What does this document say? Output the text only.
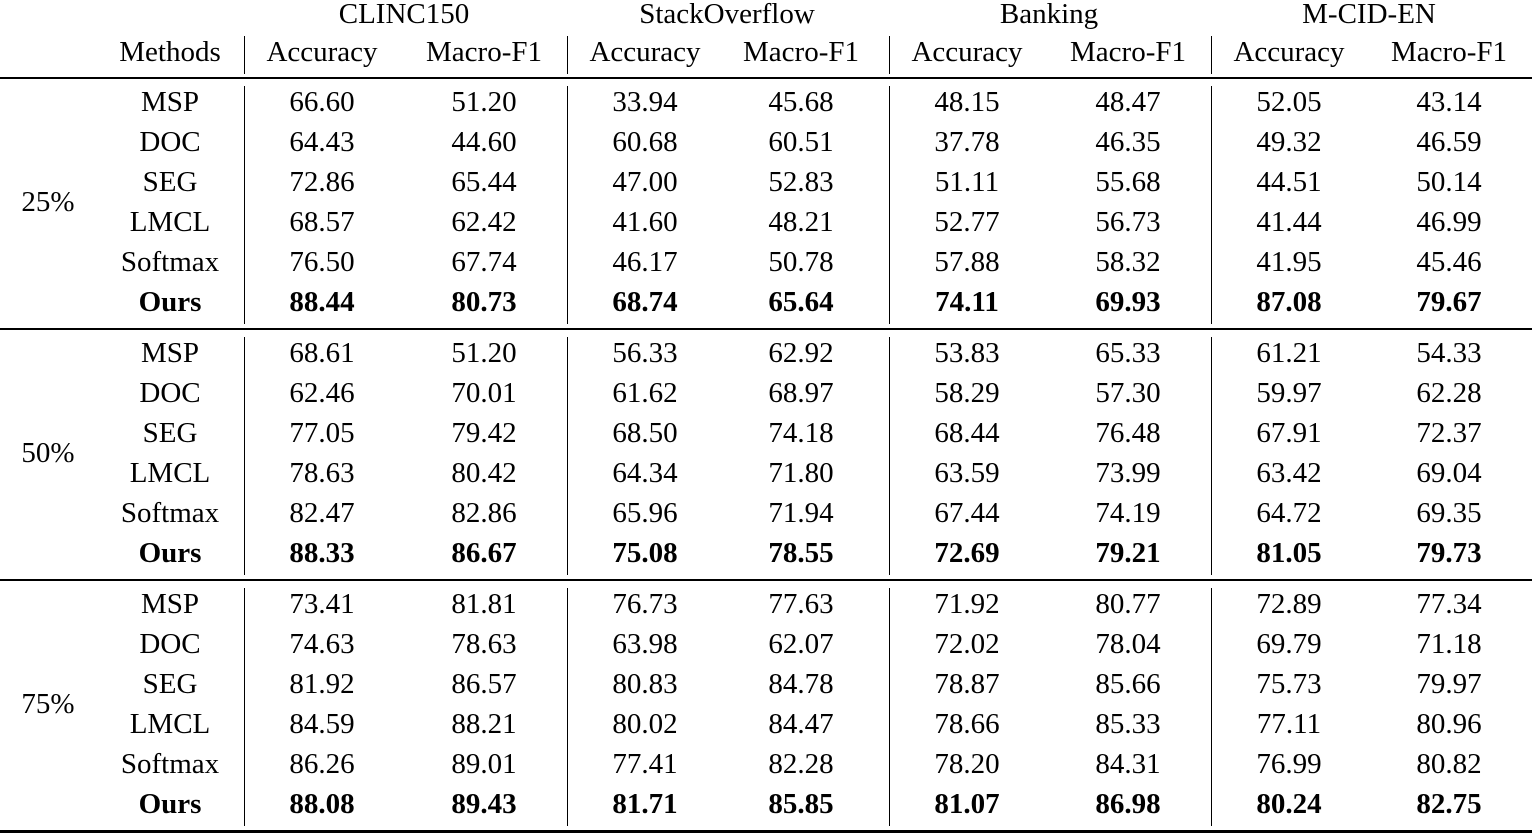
CLINC150	StackOverflow	Banking	M-CID-EN
Methods Accuracy Macro-F1 Accuracy Macro-F1 Accuracy Macro-F1 Accuracy Macro-F1
25%
MSP	66.60	51.20	33.94	45.68	48.15	48.47	52.05	43.14
DOC	64.43	44.60	60.68	60.51	37.78	46.35	49.32	46.59
SEG	72.86	65.44	47.00	52.83	51.11	55.68	44.51	50.14
LMCL	68.57	62.42	41.60	48.21	52.77	56.73	41.44	46.99
Softmax 76.50	67.74	46.17	50.78	57.88	58.32	41.95	45.46
Ours	88.44	80.73	68.74	65.64	74.11	69.93	87.08	79.67
50%
MSP	68.61	51.20	56.33	62.92	53.83	65.33	61.21	54.33
DOC	62.46	70.01	61.62	68.97	58.29	57.30	59.97	62.28
SEG	77.05	79.42	68.50	74.18	68.44	76.48	67.91	72.37
LMCL	78.63	80.42	64.34	71.80	63.59	73.99	63.42	69.04
Softmax 82.47	82.86	65.96	71.94	67.44	74.19	64.72	69.35
Ours	88.33	86.67	75.08	78.55	72.69	79.21	81.05	79.73
75%
MSP	73.41	81.81	76.73	77.63	71.92	80.77	72.89	77.34
DOC	74.63	78.63	63.98	62.07	72.02	78.04	69.79	71.18
SEG	81.92	86.57	80.83	84.78	78.87	85.66	75.73	79.97
LMCL	84.59	88.21	80.02	84.47	78.66	85.33	77.11	80.96
Softmax 86.26	89.01	77.41	82.28	78.20	84.31	76.99	80.82
Ours	88.08	89.43	81.71	85.85	81.07	86.98	80.24	82.75
